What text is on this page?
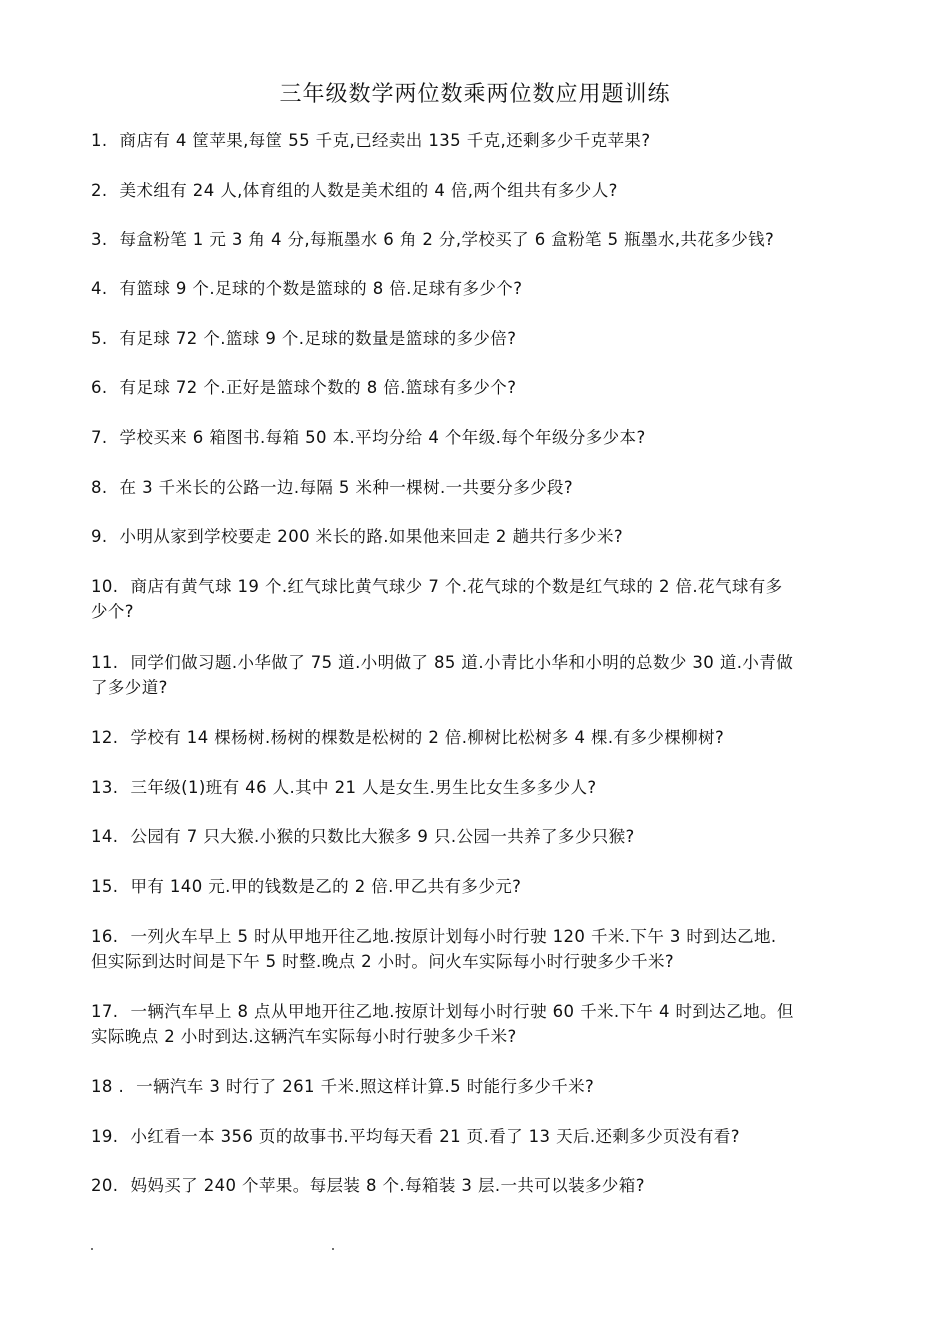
三年级数学两位数乘两位数应用题训练
1. 商店有 4 筐苹果,每筐 55 千克,已经卖出 135 千克,还剩多少千克苹果?
2. 美术组有 24 人,体育组的人数是美术组的 4 倍,两个组共有多少人?
3. 每盒粉笔 1 元 3 角 4 分,每瓶墨水 6 角 2 分,学校买了 6 盒粉笔 5 瓶墨水,共花多少钱?
4. 有篮球 9 个.足球的个数是篮球的 8 倍.足球有多少个?
5. 有足球 72 个.篮球 9 个.足球的数量是篮球的多少倍?
6. 有足球 72 个.正好是篮球个数的 8 倍.篮球有多少个?
7. 学校买来 6 箱图书.每箱 50 本.平均分给 4 个年级.每个年级分多少本?
8. 在 3 千米长的公路一边.每隔 5 米种一棵树.一共要分多少段?
9. 小明从家到学校要走 200 米长的路.如果他来回走 2 趟共行多少米?
10. 商店有黄气球 19 个.红气球比黄气球少 7 个.花气球的个数是红气球的 2 倍.花气球有多
少个?
11. 同学们做习题.小华做了 75 道.小明做了 85 道.小青比小华和小明的总数少 30 道.小青做
了多少道?
12. 学校有 14 棵杨树.杨树的棵数是松树的 2 倍.柳树比松树多 4 棵.有多少棵柳树?
13. 三年级(1)班有 46 人.其中 21 人是女生.男生比女生多多少人?
14. 公园有 7 只大猴.小猴的只数比大猴多 9 只.公园一共养了多少只猴?
15. 甲有 140 元.甲的钱数是乙的 2 倍.甲乙共有多少元?
16. 一列火车早上 5 时从甲地开往乙地.按原计划每小时行驶 120 千米.下午 3 时到达乙地.
但实际到达时间是下午 5 时整.晚点 2 小时。问火车实际每小时行驶多少千米?
17. 一辆汽车早上 8 点从甲地开往乙地.按原计划每小时行驶 60 千米.下午 4 时到达乙地。但
实际晚点 2 小时到达.这辆汽车实际每小时行驶多少千米?
18 . 一辆汽车 3 时行了 261 千米.照这样计算.5 时能行多少千米?
19. 小红看一本 356 页的故事书.平均每天看 21 页.看了 13 天后.还剩多少页没有看?
20. 妈妈买了 240 个苹果。每层装 8 个.每箱装 3 层.一共可以装多少箱?
